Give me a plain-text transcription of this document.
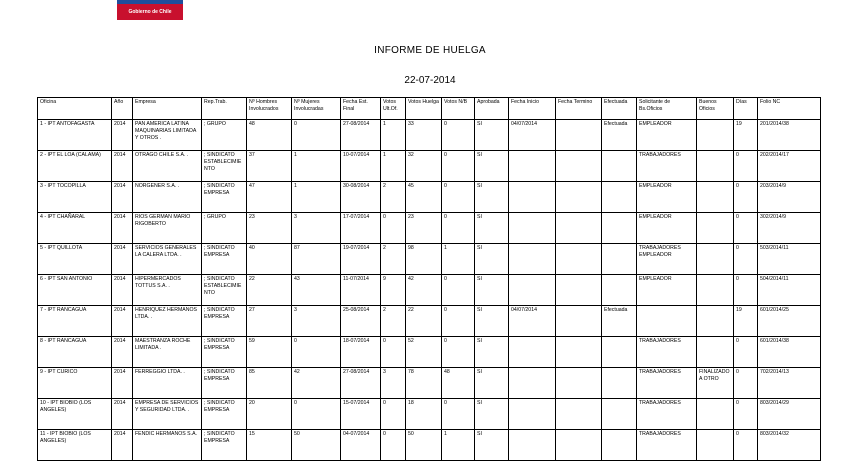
Gobierno de Chile
INFORME DE HUELGA
22-07-2014
Oficina	Año	Empresa	Rep.Trab.	Nº Hombres Involucrados	Nº Mujeres Involucradas	Fecha Est. Final	Votos Ult.Of.	Votos Huelga	Votos N/B	Aprobada	Fecha Inicio	Fecha Termino	Efectuada	Solicitante de Bs.Oficios	Buenos Oficios	Días	Folio NC
1 - IPT ANTOFAGASTA	2014	PAN AMERICA LATINA MAQUINARIAS LIMITADA Y OTROS .	; GRUPO	48	0	27-08/2014	1	33	0	SI	04/07/2014		Efectuada	EMPLEADOR		19	201/2014/38
2 - IPT EL LOA (CALAMA)	2014	OTRAGO CHILE S.A. .	; SINDICATO ESTABLECIMIENTO	37	1	10-07/2014	1	32	0	SI				TRABAJADORES		0	202/2014/17
3 - IPT TOCOPILLA	2014	NORGENER S.A. .	; SINDICATO EMPRESA	47	1	30-08/2014	2	45	0	SI				EMPLEADOR		0	203/2014/9
4 - IPT CHAÑARAL	2014	RIOS GERMAN MARIO RIGOBERTO	; GRUPO	23	3	17-07/2014	0	23	0	SI				EMPLEADOR		0	302/2014/9
5 - IPT QUILLOTA	2014	SERVICIOS GENERALES LA CALERA LTDA. .	; SINDICATO EMPRESA	40	87	19-07/2014	2	98	1	SI				TRABAJADORES EMPLEADOR		0	503/2014/11
6 - IPT SAN ANTONIO	2014	HIPERMERCADOS TOTTUS S.A. .	; SINDICATO ESTABLECIMIENTO	22	43	11-07/2014	9	42	0	SI				EMPLEADOR		0	504/2014/11
7 - IPT RANCAGUA	2014	HENRIQUEZ HERMANOS LTDA. .	; SINDICATO EMPRESA	27	3	25-08/2014	2	22	0	SI	04/07/2014		Efectuada			19	601/2014/25
8 - IPT RANCAGUA	2014	MAESTRANZA ROCHE LIMITADA .	; SINDICATO EMPRESA	59	0	18-07/2014	0	52	0	SI				TRABAJADORES		0	601/2014/38
9 - IPT CURICO	2014	FERREGGIO LTDA. .	; SINDICATO EMPRESA	85	42	27-08/2014	3	78	48	SI				TRABAJADORES	FINALIZADO A OTRO	0	702/2014/13
10 - IPT BIOBIO (LOS ANGELES)	2014	EMPRESA DE SERVICIOS Y SEGURIDAD LTDA. .	; SINDICATO EMPRESA	20	0	15-07/2014	0	18	0	SI				TRABAJADORES		0	803/2014/29
11 - IPT BIOBIO (LOS ANGELES)	2014	FENDIC HERMANOS S.A.	; SINDICATO EMPRESA	15	50	04-07/2014	0	50	1	SI				TRABAJADORES		0	803/2014/32
